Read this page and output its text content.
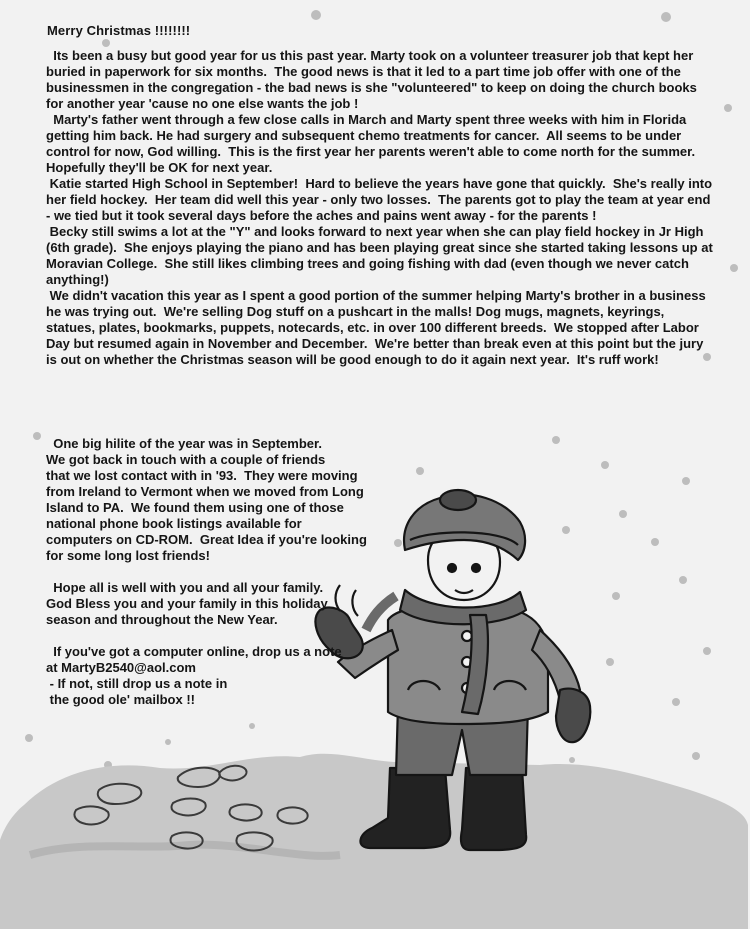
Merry Christmas !!!!!!!!

Its been a busy but good year for us this past year. Marty took on a volunteer treasurer job that kept her buried in paperwork for six months.  The good news is that it led to a part time job offer with one of the businessmen in the congregation - the bad news is she "volunteered" to keep on doing the church books for another year 'cause no one else wants the job !

Marty's father went through a few close calls in March and Marty spent three weeks with him in Florida getting him back. He had surgery and subsequent chemo treatments for cancer.  All seems to be under control for now, God willing.  This is the first year her parents weren't able to come north for the summer.  Hopefully they'll be OK for next year.

Katie started High School in September!  Hard to believe the years have gone that quickly.  She's really into her field hockey.  Her team did well this year - only two losses.  The parents got to play the team at year end - we tied but it took several days before the aches and pains went away - for the parents !

Becky still swims a lot at the "Y" and looks forward to next year when she can play field hockey in Jr High (6th grade).  She enjoys playing the piano and has been playing great since she started taking lessons up at Moravian College.  She still likes climbing trees and going fishing with dad (even though we never catch anything!)

We didn't vacation this year as I spent a good portion of the summer helping Marty's brother in a business he was trying out.  We're selling Dog stuff on a pushcart in the malls! Dog mugs, magnets, keyrings, statues, plates, bookmarks, puppets, notecards, etc. in over 100 different breeds.  We stopped after Labor Day but resumed again in November and December.  We're better than break even at this point but the jury is out on whether the Christmas season will be good enough to do it again next year.  It's ruff work!

One big hilite of the year was in September.

We got back in touch with a couple of friends

that we lost contact with in '93.  They were moving

from Ireland to Vermont when we moved from Long

Island to PA.  We found them using one of those

national phone book listings available for

computers on CD-ROM.  Great Idea if you're looking

for some long lost friends!

Hope all is well with you and all your family.

God Bless you and your family in this holiday

season and throughout the New Year.

If you've got a computer online, drop us a note

at MartyB2540@aol.com

- If not, still drop us a note in

the good ole' mailbox !!
